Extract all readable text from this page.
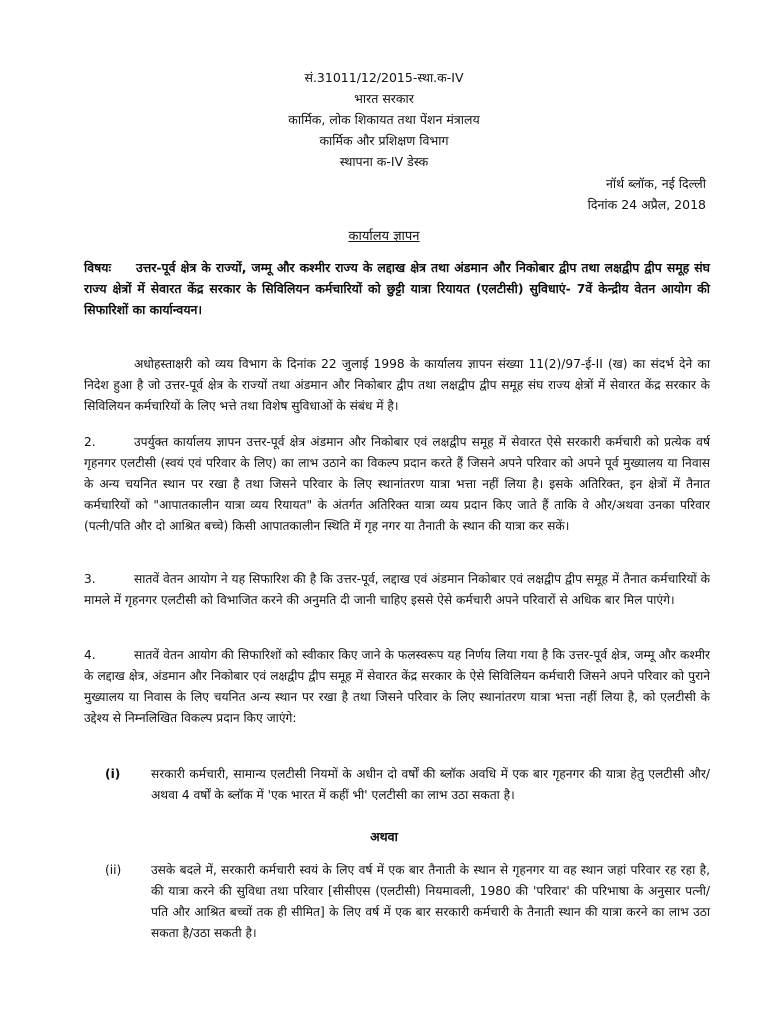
सं.31011/12/2015-स्था.क-IV
भारत सरकार
कार्मिक, लोक शिकायत तथा पेंशन मंत्रालय
कार्मिक और प्रशिक्षण विभाग
स्थापना क-IV डेस्क
नॉर्थ ब्लॉक, नई दिल्ली
दिनांक 24 अप्रैल, 2018
कार्यालय ज्ञापन
विषयः	उत्तर-पूर्व क्षेत्र के राज्यों, जम्मू और कश्मीर राज्य के लद्दाख क्षेत्र तथा अंडमान और निकोबार द्वीप तथा लक्षद्वीप द्वीप समूह संघ राज्य क्षेत्रों में सेवारत केंद्र सरकार के सिविलियन कर्मचारियों को छुट्टी यात्रा रियायत (एलटीसी) सुविधाएं- 7वें केन्द्रीय वेतन आयोग की सिफारिशों का कार्यान्वयन।
अधोहस्ताक्षरी को व्यय विभाग के दिनांक 22 जुलाई 1998 के कार्यालय ज्ञापन संख्या 11(2)/97-ई-II (ख) का संदर्भ देने का निदेश हुआ है जो उत्तर-पूर्व क्षेत्र के राज्यों तथा अंडमान और निकोबार द्वीप तथा लक्षद्वीप द्वीप समूह संघ राज्य क्षेत्रों में सेवारत केंद्र सरकार के सिविलियन कर्मचारियों के लिए भत्ते तथा विशेष सुविधाओं के संबंध में है।
2.	उपर्युक्त कार्यालय ज्ञापन उत्तर-पूर्व क्षेत्र अंडमान और निकोबार एवं लक्षद्वीप समूह में सेवारत ऐसे सरकारी कर्मचारी को प्रत्येक वर्ष गृहनगर एलटीसी (स्वयं एवं परिवार के लिए) का लाभ उठाने का विकल्प प्रदान करते हैं जिसने अपने परिवार को अपने पूर्व मुख्यालय या निवास के अन्य चयनित स्थान पर रखा है तथा जिसने परिवार के लिए स्थानांतरण यात्रा भत्ता नहीं लिया है। इसके अतिरिक्त, इन क्षेत्रों में तैनात कर्मचारियों को "आपातकालीन यात्रा व्यय रियायत" के अंतर्गत अतिरिक्त यात्रा व्यय प्रदान किए जाते हैं ताकि वे और/अथवा उनका परिवार (पत्नी/पति और दो आश्रित बच्चे) किसी आपातकालीन स्थिति में गृह नगर या तैनाती के स्थान की यात्रा कर सकें।
3.	सातवें वेतन आयोग ने यह सिफारिश की है कि उत्तर-पूर्व, लद्दाख एवं अंडमान निकोबार एवं लक्षद्वीप द्वीप समूह में तैनात कर्मचारियों के मामले में गृहनगर एलटीसी को विभाजित करने की अनुमति दी जानी चाहिए इससे ऐसे कर्मचारी अपने परिवारों से अधिक बार मिल पाएंगे।
4.	सातवें वेतन आयोग की सिफारिशों को स्वीकार किए जाने के फलस्वरूप यह निर्णय लिया गया है कि उत्तर-पूर्व क्षेत्र, जम्मू और कश्मीर के लद्दाख क्षेत्र, अंडमान और निकोबार एवं लक्षद्वीप द्वीप समूह में सेवारत केंद्र सरकार के ऐसे सिविलियन कर्मचारी जिसने अपने परिवार को पुराने मुख्यालय या निवास के लिए चयनित अन्य स्थान पर रखा है तथा जिसने परिवार के लिए स्थानांतरण यात्रा भत्ता नहीं लिया है, को एलटीसी के उद्देश्य से निम्नलिखित विकल्प प्रदान किए जाएंगे:
(i)	सरकारी कर्मचारी, सामान्य एलटीसी नियमों के अधीन दो वर्षों की ब्लॉक अवधि में एक बार गृहनगर की यात्रा हेतु एलटीसी और/अथवा 4 वर्षों के ब्लॉक में 'एक भारत में कहीं भी' एलटीसी का लाभ उठा सकता है।
अथवा
(ii) उसके बदले में, सरकारी कर्मचारी स्वयं के लिए वर्ष में एक बार तैनाती के स्थान से गृहनगर या वह स्थान जहां परिवार रह रहा है, की यात्रा करने की सुविधा तथा परिवार [सीसीएस (एलटीसी) नियमावली, 1980 की 'परिवार' की परिभाषा के अनुसार पत्नी/पति और आश्रित बच्चों तक ही सीमित] के लिए वर्ष में एक बार सरकारी कर्मचारी के तैनाती स्थान की यात्रा करने का लाभ उठा सकता है/उठा सकती है।
